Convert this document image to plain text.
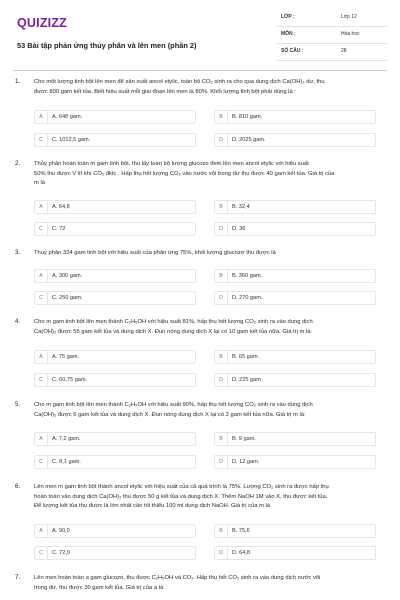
QUIZIZZ
53 Bài tập phản ứng thủy phân và lên men (phần 2)
LỚP :	Lớp 12
MÔN :	Hóa học
SỐ CÂU :	28
1. Cho một lượng tinh bột lên men để sản xuất ancol etylic, toàn bộ CO₂ sinh ra cho qua dung dịch Ca(OH)₂ dư, thu
được 800 gam kết tủa. Biết hiệu suất mỗi giai đoạn lên men là 80%. Khối lượng tinh bột phải dùng là :
A	A. 648 gam.	B	B. 810 gam.
C	C. 1012,5 gam.	D	D. 2025 gam.
2. Thủy phân hoàn toàn m gam tinh bột, thu lấy toàn bộ lượng glucozo đem lên men ancol etylic với hiệu suất
50% thu được V lít khí CO₂ đktc . Hấp thụ hết lượng CO₂ vào nước vôi trong dư thu được 40 gam kết tủa. Giá trị của
m là
A	A. 64,8	B	B. 32,4
C	C. 72	D	D. 36
3. Thuỷ phân 324 gam tinh bột với hiệu suất của phản ứng 75%, khối lượng glucozơ thu được là
A	A. 300 gam.	B	B. 360 gam.
C	C. 250 gam.	D	D. 270 gam.
4. Cho m gam tinh bột lên men thành C₂H₅OH với hiệu suất 81%, hấp thụ hết lượng CO₂ sinh ra vào dung dịch
Ca(OH)₂ được 55 gam kết tủa và dung dịch X. Đun nóng dung dịch X lại có 10 gam kết tủa nữa. Giá trị m là:
A	A. 75 gam.	B	B. 65 gam.
C	C. 60,75 gam.	D	D. 225 gam
5. Cho m gam tinh bột lên men thành C₂H₅OH với hiệu suất 90%, hấp thụ hết lượng CO₂ sinh ra vào dung dịch
Ca(OH)₂ được 6 gam kết tủa và dung dịch X. Đun nóng dung dịch X lại có 2 gam kết tủa nữa. Giá trị m là:
A	A. 7,2 gam.	B	B. 9 gam.
C	C. 8,1 gam.	D	D. 12 gam.
6. Lên men m gam tinh bột thành ancol etylic với hiệu suất của cả quá trình là 75%. Lượng CO₂ sinh ra được hấp thụ
hoàn toàn vào dung dịch Ca(OH)₂ thu được 50 g kết tủa và dung dịch X. Thêm NaOH 1M vào X, thu được kết tủa.
Để lượng kết tủa thu được là lớn nhất cần tối thiểu 100 ml dung dịch NaOH. Giá trị của m là
A	A. 90,0	B	B. 75,6
C	C. 72,0	D	D. 64,8
7. Lên men hoàn toàn a gam glucozo, thu được C₂H₅OH và CO₂. Hấp thụ hết CO₂ sinh ra vào dung dịch nước vôi
trong dư, thu được 30 gam kết tủa. Giá trị của a là
